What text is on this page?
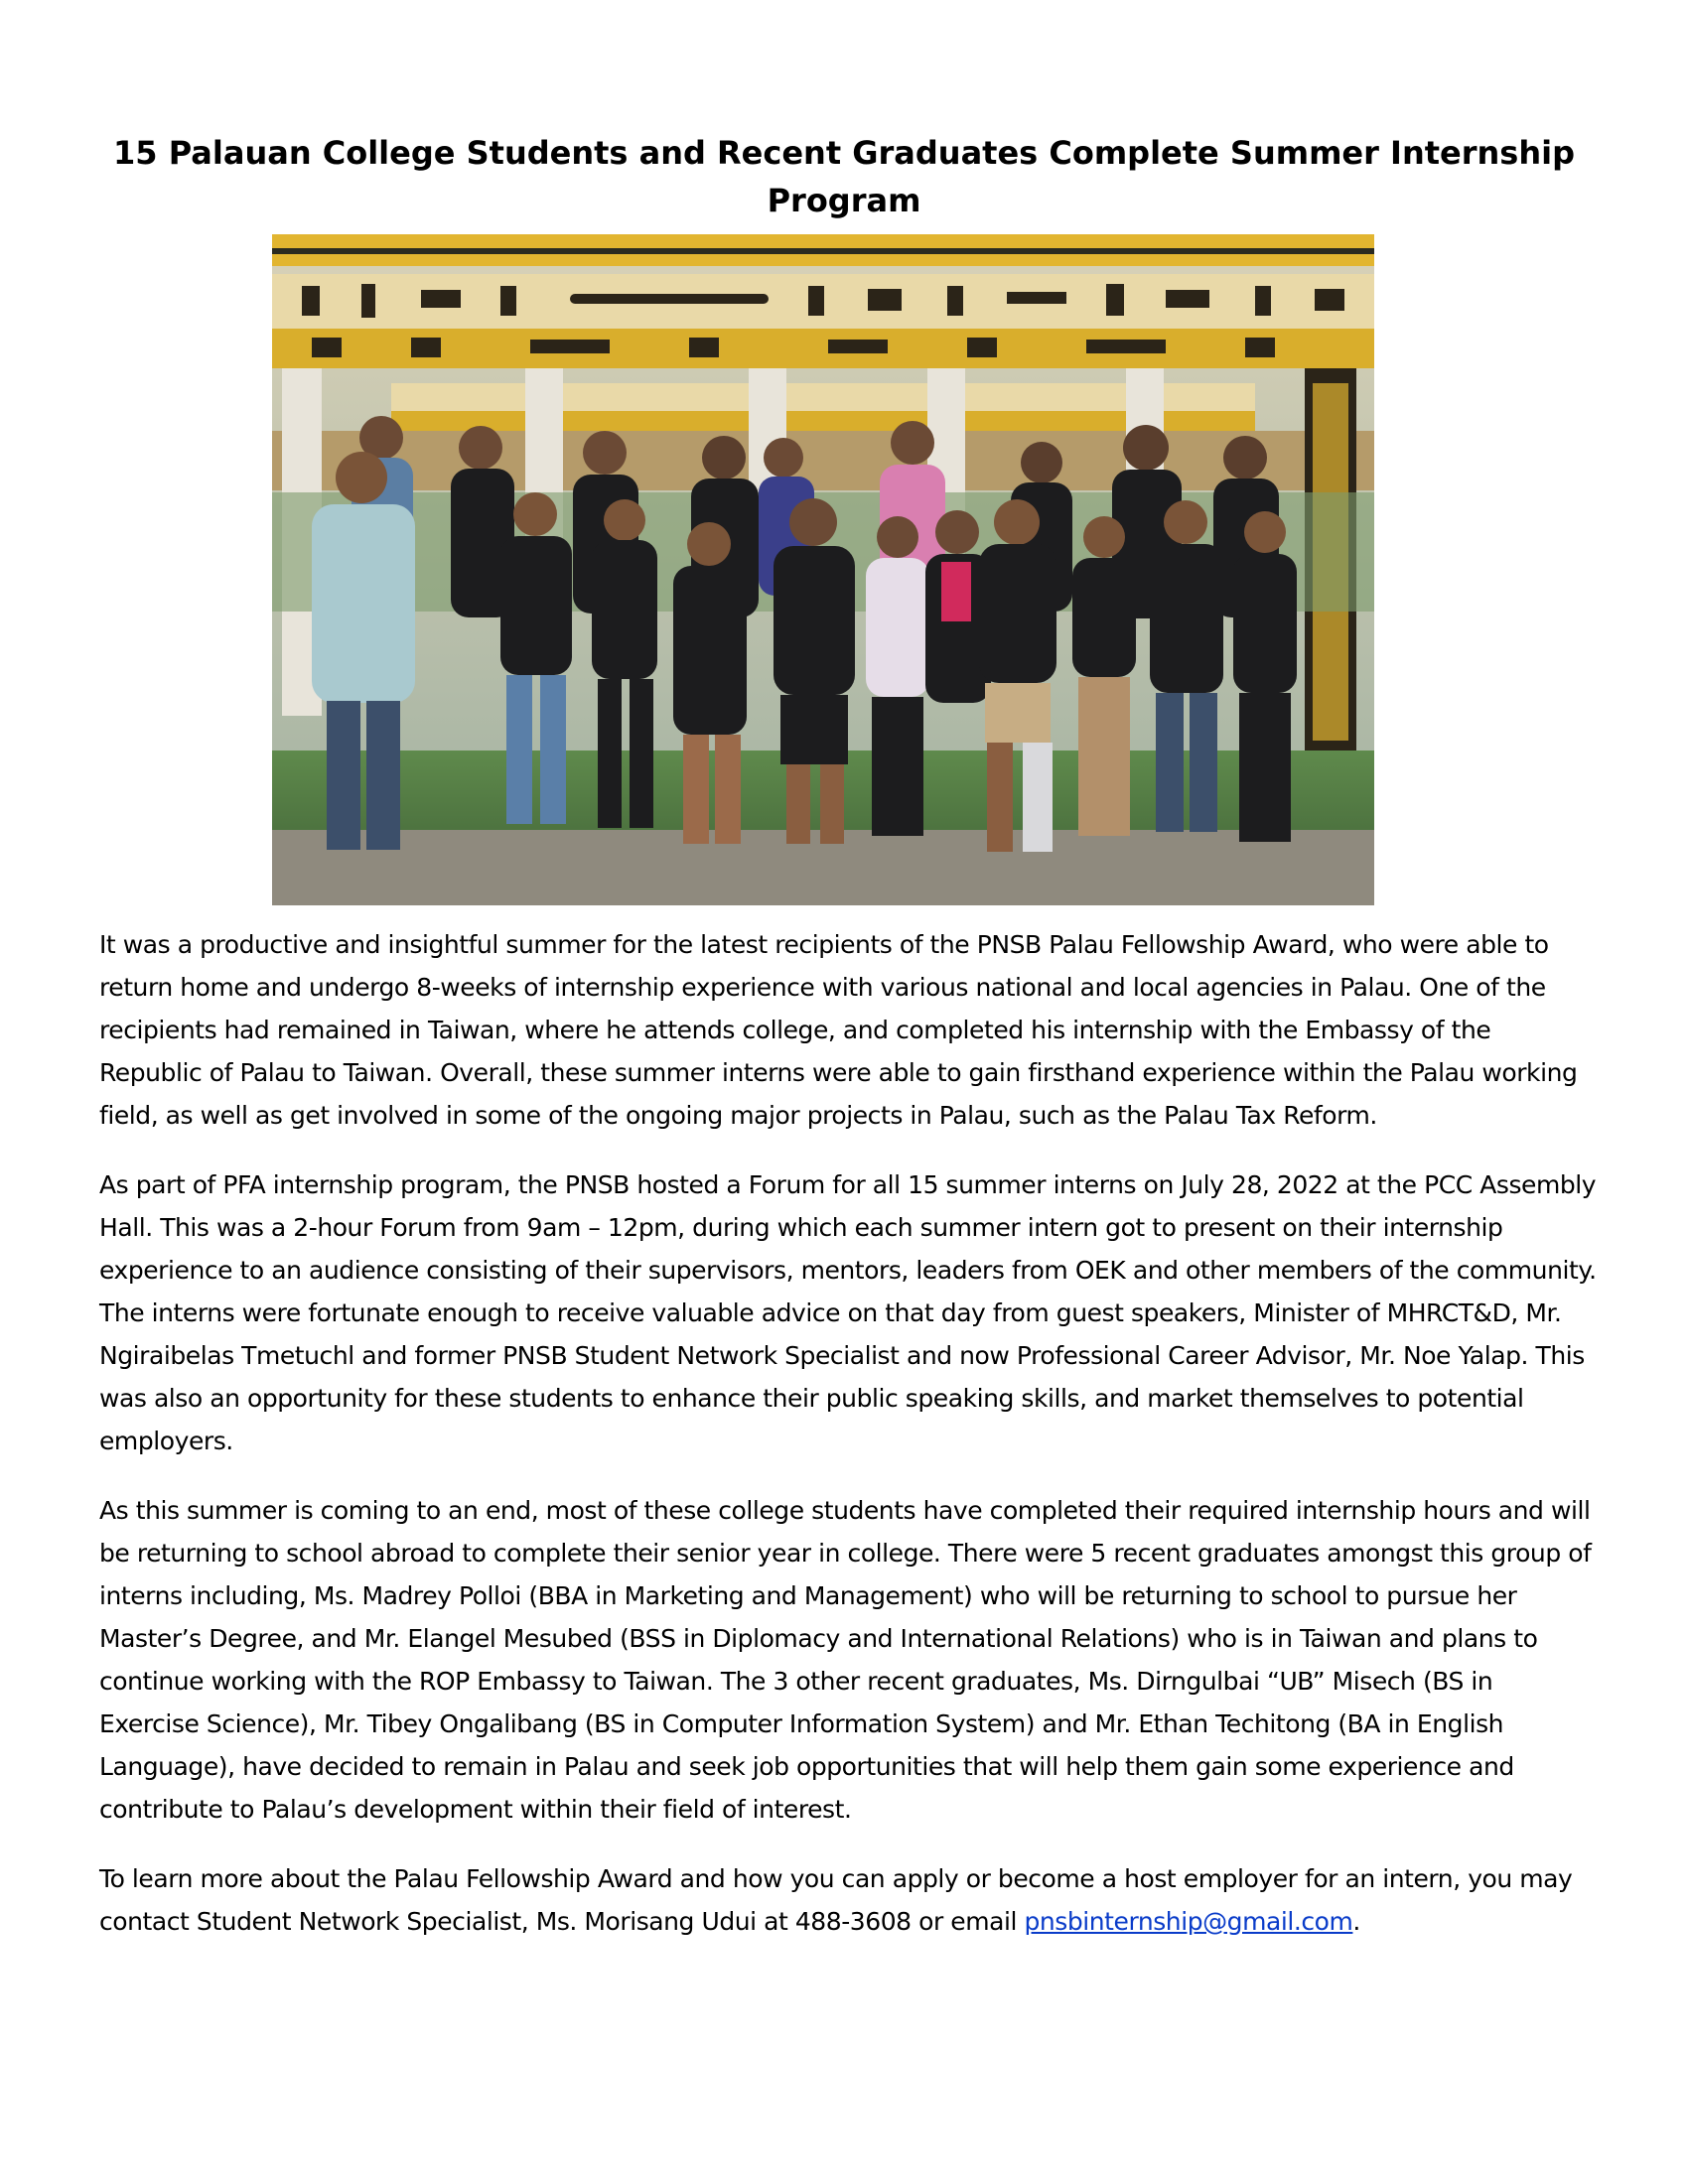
15 Palauan College Students and Recent Graduates Complete Summer Internship Program

It was a productive and insightful summer for the latest recipients of the PNSB Palau Fellowship Award, who were able to return home and undergo 8-weeks of internship experience with various national and local agencies in Palau. One of the recipients had remained in Taiwan, where he attends college, and completed his internship with the Embassy of the Republic of Palau to Taiwan. Overall, these summer interns were able to gain firsthand experience within the Palau working field, as well as get involved in some of the ongoing major projects in Palau, such as the Palau Tax Reform.

As part of PFA internship program, the PNSB hosted a Forum for all 15 summer interns on July 28, 2022 at the PCC Assembly Hall. This was a 2-hour Forum from 9am – 12pm, during which each summer intern got to present on their internship experience to an audience consisting of their supervisors, mentors, leaders from OEK and other members of the community. The interns were fortunate enough to receive valuable advice on that day from guest speakers, Minister of MHRCT&D, Mr. Ngiraibelas Tmetuchl and former PNSB Student Network Specialist and now Professional Career Advisor, Mr. Noe Yalap. This was also an opportunity for these students to enhance their public speaking skills, and market themselves to potential employers.

As this summer is coming to an end, most of these college students have completed their required internship hours and will be returning to school abroad to complete their senior year in college. There were 5 recent graduates amongst this group of interns including, Ms. Madrey Polloi (BBA in Marketing and Management) who will be returning to school to pursue her Master’s Degree, and Mr. Elangel Mesubed (BSS in Diplomacy and International Relations) who is in Taiwan and plans to continue working with the ROP Embassy to Taiwan. The 3 other recent graduates, Ms. Dirngulbai “UB” Misech (BS in Exercise Science), Mr. Tibey Ongalibang (BS in Computer Information System) and Mr. Ethan Techitong (BA in English Language), have decided to remain in Palau and seek job opportunities that will help them gain some experience and contribute to Palau’s development within their field of interest.

To learn more about the Palau Fellowship Award and how you can apply or become a host employer for an intern, you may contact Student Network Specialist, Ms. Morisang Udui at 488-3608 or email pnsbinternship@gmail.com.
